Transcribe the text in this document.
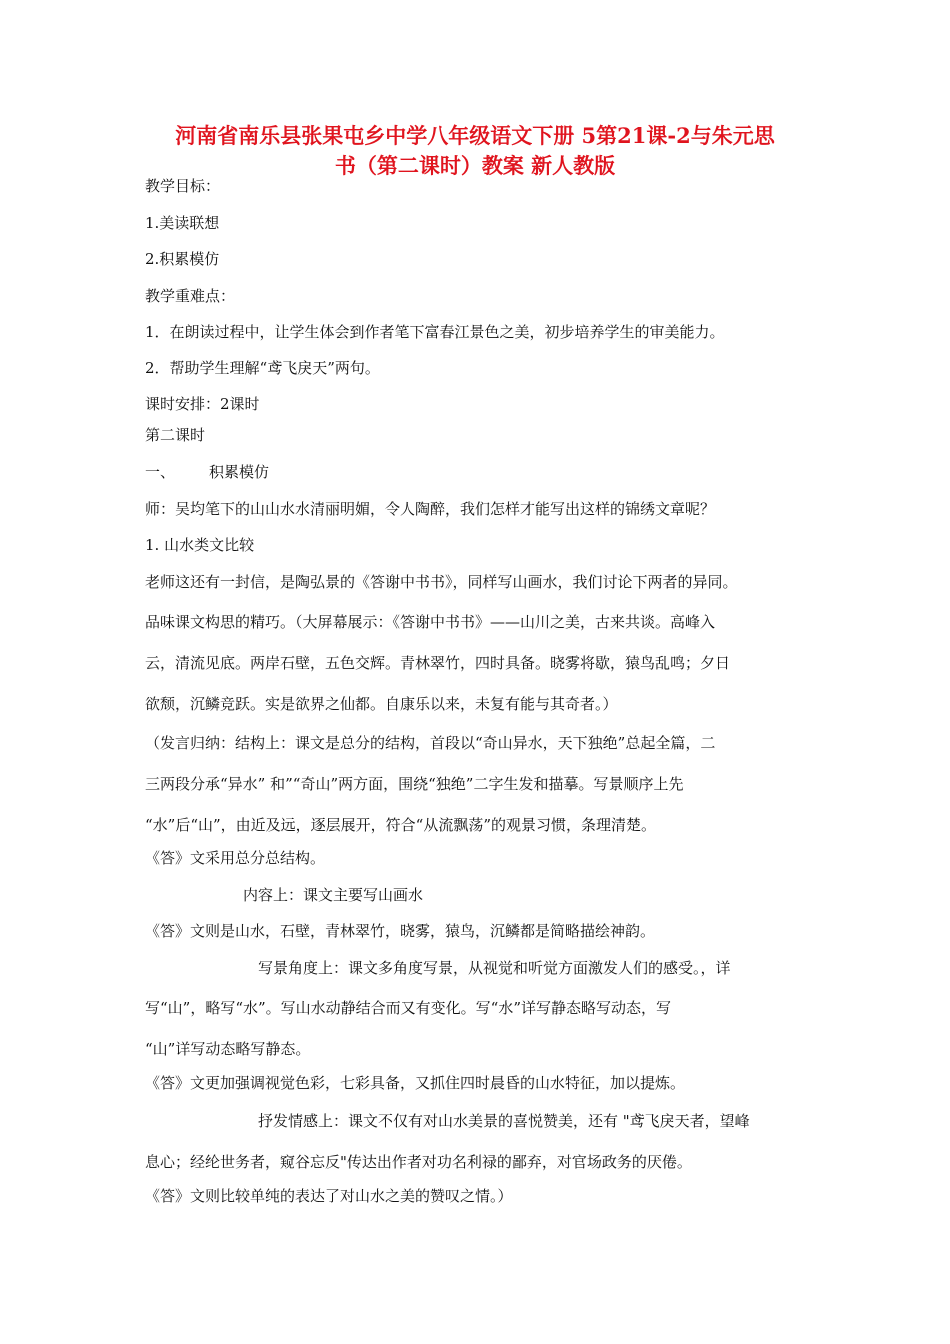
河南省南乐县张果屯乡中学八年级语文下册 5第21课-2与朱元思
书（第二课时）教案 新人教版
教学目标：
1.美读联想
2.积累模仿
教学重难点：
1．在朗读过程中，让学生体会到作者笔下富春江景色之美，初步培养学生的审美能力。
2．帮助学生理解“鸢飞戾天”两句。
课时安排：2课时
第二课时
一、 积累模仿
师：吴均笔下的山山水水清丽明媚，令人陶醉，我们怎样才能写出这样的锦绣文章呢？
1. 山水类文比较
老师这还有一封信，是陶弘景的《答谢中书书》，同样写山画水，我们讨论下两者的异同。
品味课文构思的精巧。（大屏幕展示：《答谢中书书》——山川之美，古来共谈。高峰入
云，清流见底。两岸石壁，五色交辉。青林翠竹，四时具备。晓雾将歇，猿鸟乱鸣；夕日
欲颓，沉鳞竞跃。实是欲界之仙都。自康乐以来，未复有能与其奇者。）
（发言归纳：结构上：课文是总分的结构，首段以“奇山异水，天下独绝”总起全篇，二
三两段分承“异水” 和”“奇山”两方面，围绕“独绝”二字生发和描摹。写景顺序上先
“水”后“山”，由近及远，逐层展开，符合“从流飘荡”的观景习惯，条理清楚。
《答》文采用总分总结构。
内容上：课文主要写山画水
《答》文则是山水，石壁，青林翠竹，晓雾，猿鸟，沉鳞都是简略描绘神韵。
写景角度上：课文多角度写景，从视觉和听觉方面激发人们的感受。，详
写“山”，略写“水”。写山水动静结合而又有变化。写“水”详写静态略写动态，写
“山”详写动态略写静态。
《答》文更加强调视觉色彩，七彩具备，又抓住四时晨昏的山水特征，加以提炼。
抒发情感上：课文不仅有对山水美景的喜悦赞美，还有 "鸢飞戾天者，望峰
息心；经纶世务者，窥谷忘反"传达出作者对功名利禄的鄙弃，对官场政务的厌倦。
《答》文则比较单纯的表达了对山水之美的赞叹之情。）
